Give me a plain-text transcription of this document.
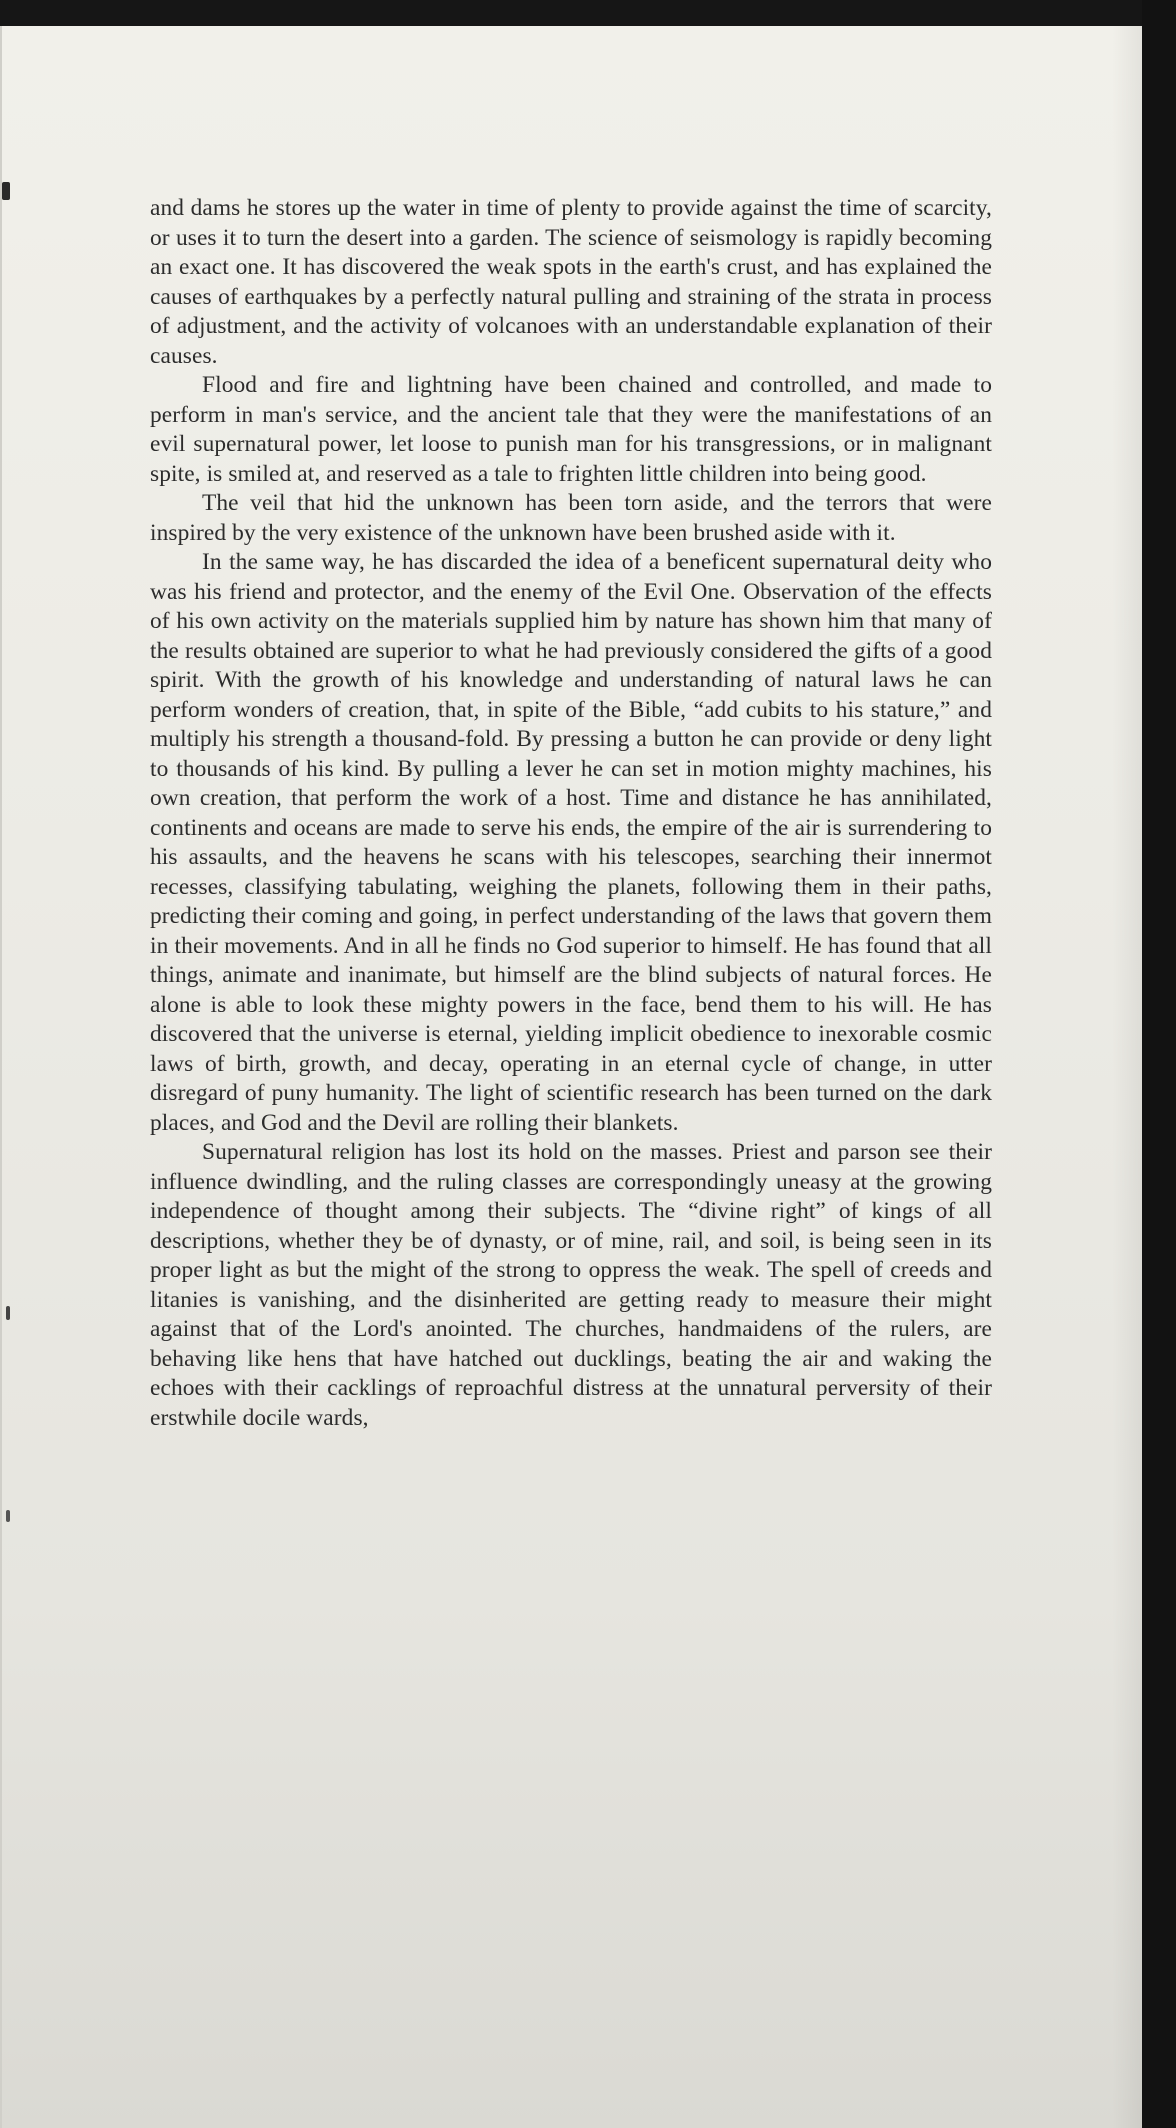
and dams he stores up the water in time of plenty to provide against the time of scarcity, or uses it to turn the desert into a garden. The science of seismology is rapidly becoming an exact one. It has discovered the weak spots in the earth's crust, and has explained the causes of earthquakes by a perfectly natural pulling and straining of the strata in process of adjustment, and the activity of volcanoes with an understandable explanation of their causes.

Flood and fire and lightning have been chained and controlled, and made to perform in man's service, and the ancient tale that they were the manifestations of an evil supernatural power, let loose to punish man for his transgressions, or in malignant spite, is smiled at, and reserved as a tale to frighten little children into being good.

The veil that hid the unknown has been torn aside, and the terrors that were inspired by the very existence of the unknown have been brushed aside with it.

In the same way, he has discarded the idea of a beneficent supernatural deity who was his friend and protector, and the enemy of the Evil One. Observation of the effects of his own activity on the materials supplied him by nature has shown him that many of the results obtained are superior to what he had previously considered the gifts of a good spirit. With the growth of his knowledge and understanding of natural laws he can perform wonders of creation, that, in spite of the Bible, “add cubits to his stature,” and multiply his strength a thousand-fold. By pressing a button he can provide or deny light to thousands of his kind. By pulling a lever he can set in motion mighty machines, his own creation, that perform the work of a host. Time and distance he has annihilated, continents and oceans are made to serve his ends, the empire of the air is surrendering to his assaults, and the heavens he scans with his telescopes, searching their innermot recesses, classifying tabulating, weighing the planets, following them in their paths, predicting their coming and going, in perfect understanding of the laws that govern them in their movements. And in all he finds no God superior to himself. He has found that all things, animate and inanimate, but himself are the blind subjects of natural forces. He alone is able to look these mighty powers in the face, bend them to his will. He has discovered that the universe is eternal, yielding implicit obedience to inexorable cosmic laws of birth, growth, and decay, operating in an eternal cycle of change, in utter disregard of puny humanity. The light of scientific research has been turned on the dark places, and God and the Devil are rolling their blankets.

Supernatural religion has lost its hold on the masses. Priest and parson see their influence dwindling, and the ruling classes are correspondingly uneasy at the growing independence of thought among their subjects. The “divine right” of kings of all descriptions, whether they be of dynasty, or of mine, rail, and soil, is being seen in its proper light as but the might of the strong to oppress the weak. The spell of creeds and litanies is vanishing, and the disinherited are getting ready to measure their might against that of the Lord's anointed. The churches, handmaidens of the rulers, are behaving like hens that have hatched out ducklings, beating the air and waking the echoes with their cacklings of reproachful distress at the unnatural perversity of their erstwhile docile wards,
